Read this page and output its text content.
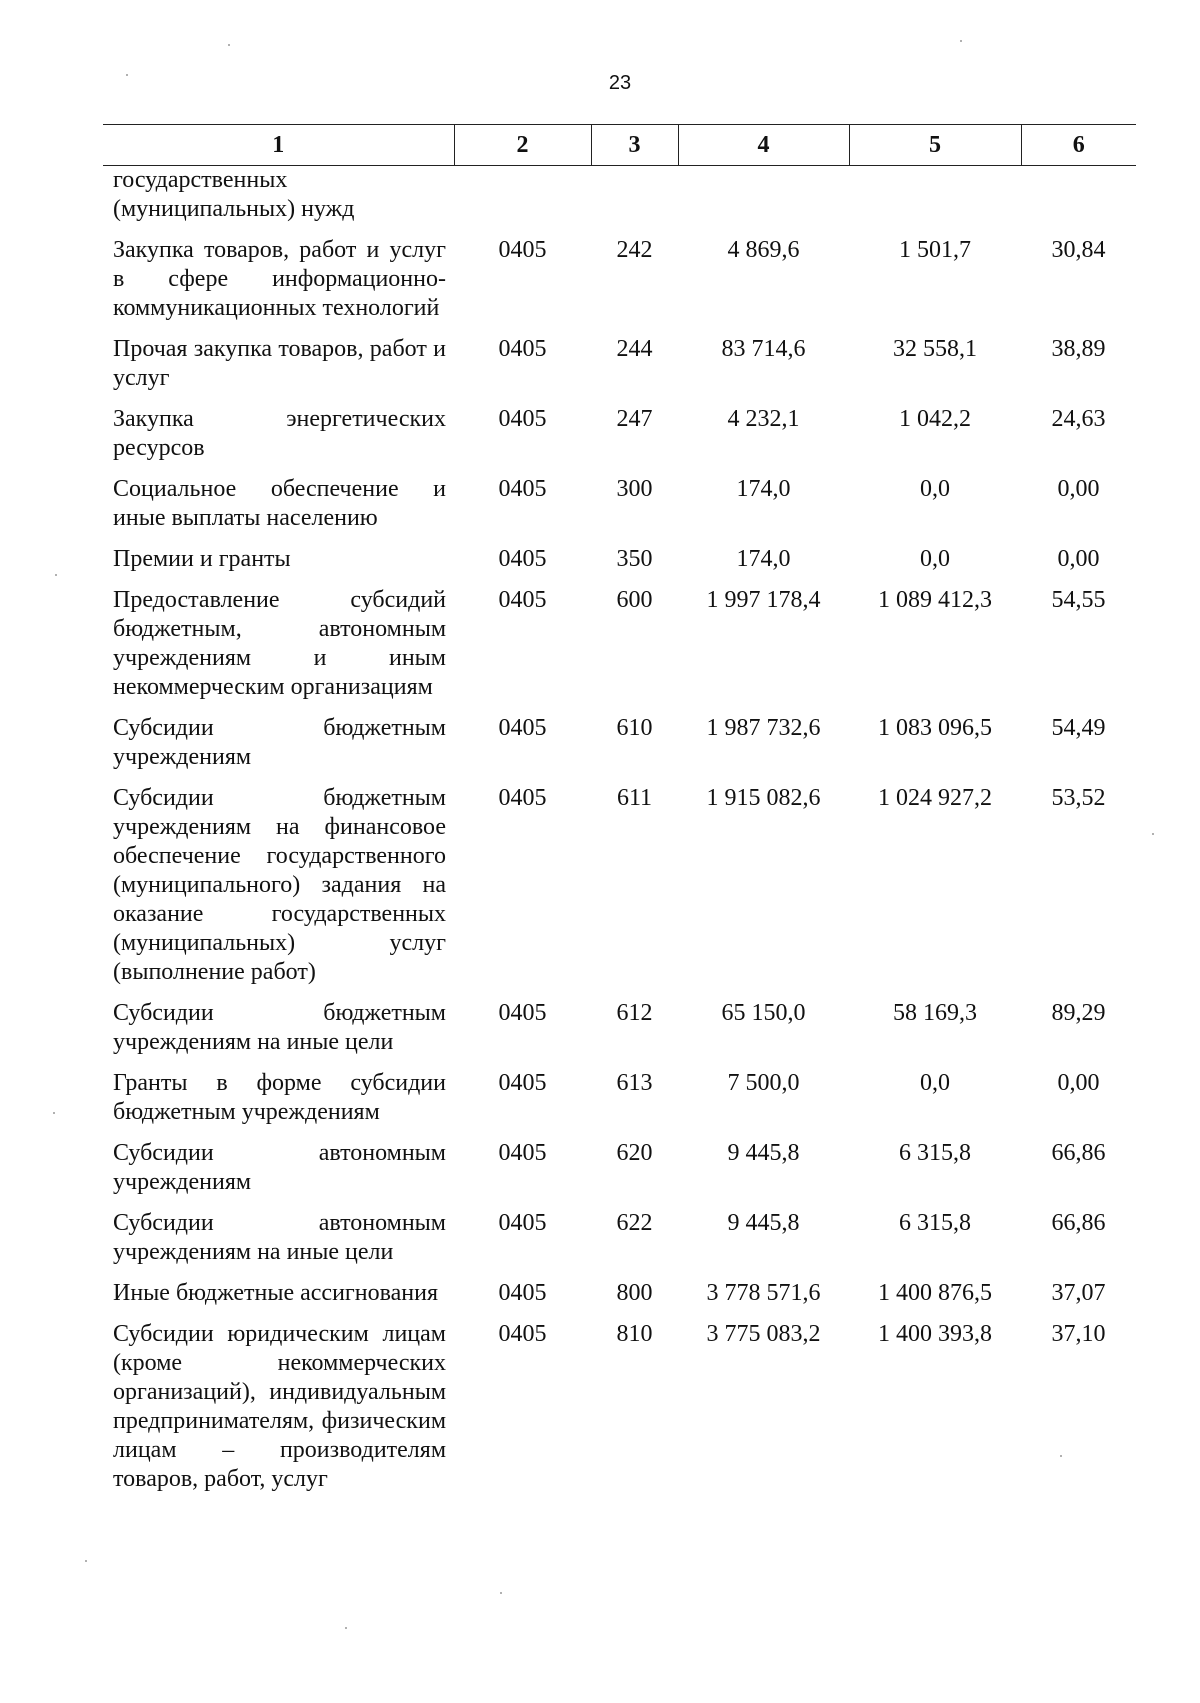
23
1	2	3	4	5	6
государственных (муниципальных) нужд					
Закупка товаров, работ и услуг в сфере информационно-коммуникационных технологий	0405	242	4 869,6	1 501,7	30,84
Прочая закупка товаров, работ и услуг	0405	244	83 714,6	32 558,1	38,89
Закупка энергетических ресурсов	0405	247	4 232,1	1 042,2	24,63
Социальное обеспечение и иные выплаты населению	0405	300	174,0	0,0	0,00
Премии и гранты	0405	350	174,0	0,0	0,00
Предоставление субсидий бюджетным, автономным учреждениям и иным некоммерческим организациям	0405	600	1 997 178,4	1 089 412,3	54,55
Субсидии бюджетным учреждениям	0405	610	1 987 732,6	1 083 096,5	54,49
Субсидии бюджетным учреждениям на финансовое обеспечение государственного (муниципального) задания на оказание государственных (муниципальных) услуг (выполнение работ)	0405	611	1 915 082,6	1 024 927,2	53,52
Субсидии бюджетным учреждениям на иные цели	0405	612	65 150,0	58 169,3	89,29
Гранты в форме субсидии бюджетным учреждениям	0405	613	7 500,0	0,0	0,00
Субсидии автономным учреждениям	0405	620	9 445,8	6 315,8	66,86
Субсидии автономным учреждениям на иные цели	0405	622	9 445,8	6 315,8	66,86
Иные бюджетные ассигнования	0405	800	3 778 571,6	1 400 876,5	37,07
Субсидии юридическим лицам (кроме некоммерческих организаций), индивидуальным предпринимателям, физическим лицам – производителям товаров, работ, услуг	0405	810	3 775 083,2	1 400 393,8	37,10
